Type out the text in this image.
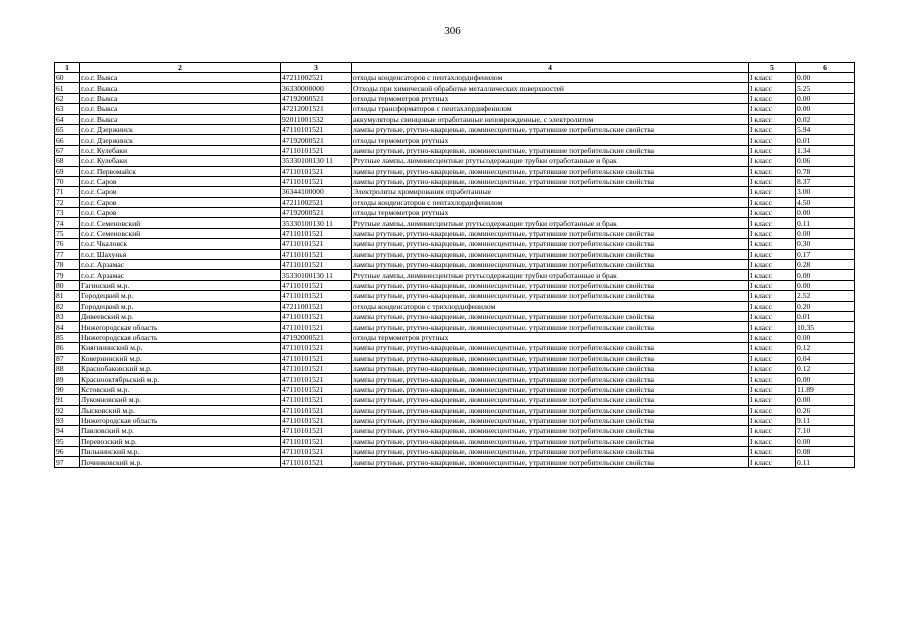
306
1	2	3	4	5	6
60	г.о.г. Выкса	47211002521	отходы конденсаторов с пентахлордифенилом	I класс	0.00
61	г.о.г. Выкса	36330000000	Отходы при химической обработке металлических поверхностей	I класс	5.25
62	г.о.г. Выкса	47192000521	отходы термометров ртутных	I класс	0.00
63	г.о.г. Выкса	47212001521	отходы трансформаторов с пентахлордифенилом	I класс	0.00
64	г.о.г. Выкса	92011001532	аккумуляторы свинцовые отработанные неповрежденные, с электролитом	I класс	0.02
65	г.о.г. Дзержинск	47110101521	лампы ртутные, ртутно-кварцевые, люминесцентные, утратившие потребительские свойства	I класс	5.94
66	г.о.г. Дзержинск	47192000521	отходы термометров ртутных	I класс	0.01
67	г.о.г. Кулебаки	47110101521	лампы ртутные, ртутно-кварцевые, люминесцентные, утратившие потребительские свойства	I класс	1.34
68	г.о.г. Кулебаки	35330100130 11	Ртутные лампы, люминесцентные ртутьсодержащие трубки отработанные и брак	I класс	0.06
69	г.о.г. Первомайск	47110101521	лампы ртутные, ртутно-кварцевые, люминесцентные, утратившие потребительские свойства	I класс	0.78
70	г.о.г. Саров	47110101521	лампы ртутные, ртутно-кварцевые, люминесцентные, утратившие потребительские свойства	I класс	8.37
71	г.о.г. Саров	36344100000	Электролиты хромирования отработанные	I класс	3.00
72	г.о.г. Саров	47211002521	отходы конденсаторов с пентахлордифенилом	I класс	4.50
73	г.о.г. Саров	47192000521	отходы термометров ртутных	I класс	0.00
74	г.о.г. Семеновский	35330100130 11	Ртутные лампы, люминесцентные ртутьсодержащие трубки отработанные и брак	I класс	0.11
75	г.о.г. Семеновский	47110101521	лампы ртутные, ртутно-кварцевые, люминесцентные, утратившие потребительские свойства	I класс	0.00
76	г.о.г. Чкаловск	47110101521	лампы ртутные, ртутно-кварцевые, люминесцентные, утратившие потребительские свойства	I класс	0.30
77	г.о.г. Шахунья	47110101521	лампы ртутные, ртутно-кварцевые, люминесцентные, утратившие потребительские свойства	I класс	0.17
78	г.о.г. Арзамас	47110101521	лампы ртутные, ртутно-кварцевые, люминесцентные, утратившие потребительские свойства	I класс	0.28
79	г.о.г. Арзамас	35330100130 11	Ртутные лампы, люминесцентные ртутьсодержащие трубки отработанные и брак	I класс	0.00
80	Гагинский м.р.	47110101521	лампы ртутные, ртутно-кварцевые, люминесцентные, утратившие потребительские свойства	I класс	0.00
81	Городецкий м.р.	47110101521	лампы ртутные, ртутно-кварцевые, люминесцентные, утратившие потребительские свойства	I класс	2.52
82	Городецкий м.р.	47211001521	отходы конденсаторов с трихлордифенилом	I класс	0.20
83	Дивеевский м.р.	47110101521	лампы ртутные, ртутно-кварцевые, люминесцентные, утратившие потребительские свойства	I класс	0.01
84	Нижегородская область	47110101521	лампы ртутные, ртутно-кварцевые, люминесцентные, утратившие потребительские свойства	I класс	10.35
85	Нижегородская область	47192000521	отходы термометров ртутных	I класс	0.00
86	Княгининский м.р.	47110101521	лампы ртутные, ртутно-кварцевые, люминесцентные, утратившие потребительские свойства	I класс	0.12
87	Ковернинский м.р.	47110101521	лампы ртутные, ртутно-кварцевые, люминесцентные, утратившие потребительские свойства	I класс	0.04
88	Краснобаковский м.р.	47110101521	лампы ртутные, ртутно-кварцевые, люминесцентные, утратившие потребительские свойства	I класс	0.12
89	Краснооктябрьский м.р.	47110101521	лампы ртутные, ртутно-кварцевые, люминесцентные, утратившие потребительские свойства	I класс	0.00
90	Кстовский м.р.	47110101521	лампы ртутные, ртутно-кварцевые, люминесцентные, утратившие потребительские свойства	I класс	11.89
91	Лукояновский м.р.	47110101521	лампы ртутные, ртутно-кварцевые, люминесцентные, утратившие потребительские свойства	I класс	0.00
92	Лысковский м.р.	47110101521	лампы ртутные, ртутно-кварцевые, люминесцентные, утратившие потребительские свойства	I класс	0.26
93	Нижегородская область	47110101521	лампы ртутные, ртутно-кварцевые, люминесцентные, утратившие потребительские свойства	I класс	9.11
94	Павловский м.р.	47110101521	лампы ртутные, ртутно-кварцевые, люминесцентные, утратившие потребительские свойства	I класс	7.10
95	Перевозский м.р.	47110101521	лампы ртутные, ртутно-кварцевые, люминесцентные, утратившие потребительские свойства	I класс	0.00
96	Пильнинский м.р.	47110101521	лампы ртутные, ртутно-кварцевые, люминесцентные, утратившие потребительские свойства	I класс	0.08
97	Починковский м.р.	47110101521	лампы ртутные, ртутно-кварцевые, люминесцентные, утратившие потребительские свойства	I класс	0.11
